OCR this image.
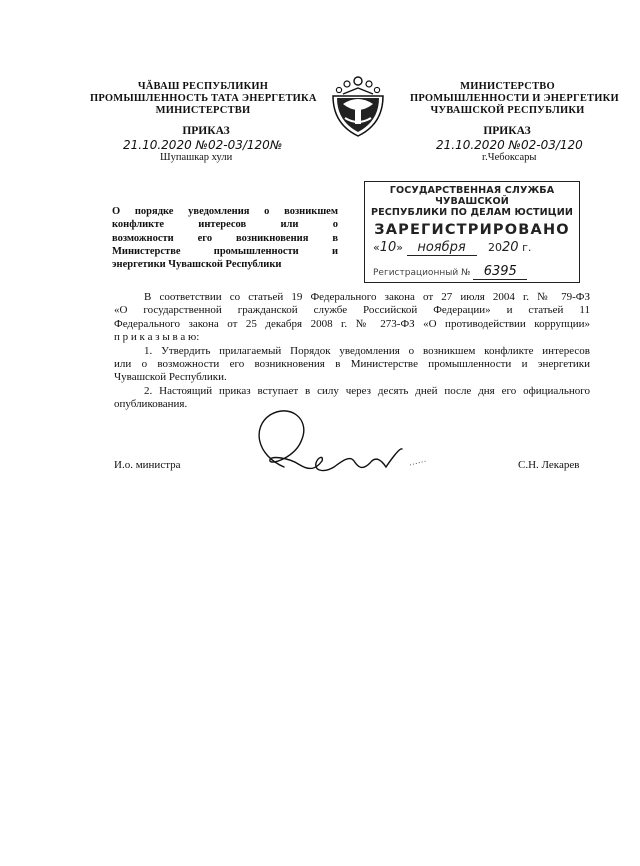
ЧĂВАШ РЕСПУБЛИКИН
ПРОМЫШЛЕННОСТЬ ТАТА ЭНЕРГЕТИКА
МИНИСТЕРСТВИ
ПРИКАЗ
21.10.2020 №02-03/120№
Шупашкар хули
МИНИСТЕРСТВО
ПРОМЫШЛЕННОСТИ И ЭНЕРГЕТИКИ
ЧУВАШСКОЙ РЕСПУБЛИКИ
ПРИКАЗ
21.10.2020 №02-03/120
г.Чебоксары
О порядке уведомления о возникшем
конфликте интересов или о
возможности его возникновения в
Министерстве промышленности и
энергетики Чувашской Республики
ГОСУДАРСТВЕННАЯ СЛУЖБА ЧУВАШСКОЙ
РЕСПУБЛИКИ ПО ДЕЛАМ ЮСТИЦИИ
ЗАРЕГИСТРИРОВАНО
«10» ноября 2020 г.
Регистрационный № 6395
В соответствии со статьей 19 Федерального закона от 27 июля 2004 г. № 79-ФЗ
«О государственной гражданской службе Российской Федерации» и статьей 11
Федерального закона от 25 декабря 2008 г. № 273-ФЗ «О противодействии коррупции»
п р и к а з ы в а ю:
1. Утвердить прилагаемый Порядок уведомления о возникшем конфликте интересов
или о возможности его возникновения в Министерстве промышленности и энергетики
Чувашской Республики.
2. Настоящий приказ вступает в силу через десять дней после дня его официального
опубликования.
И.о. министра	С.Н. Лекарев
